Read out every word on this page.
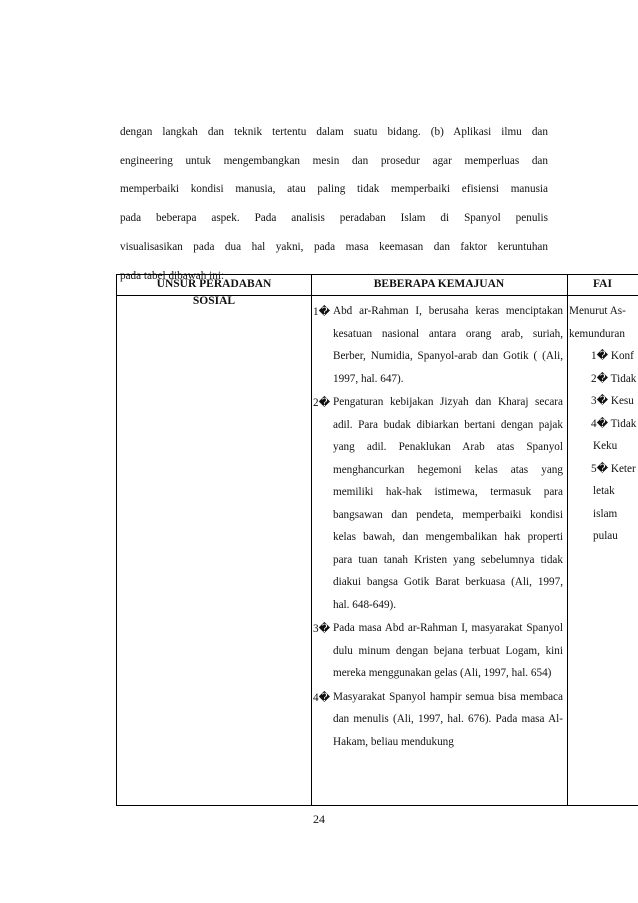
dengan langkah dan teknik tertentu dalam suatu bidang. (b) Aplikasi ilmu dan
engineering untuk mengembangkan mesin dan prosedur agar memperluas dan
memperbaiki kondisi manusia, atau paling tidak memperbaiki efisiensi manusia
pada beberapa aspek. Pada analisis peradaban Islam di Spanyol penulis
visualisasikan pada dua hal yakni, pada masa keemasan dan faktor keruntuhan
pada tabel dibawah ini:
UNSUR PERADABAN	BEBERAPA KEMAJUAN	FAI
SOSIAL
1� Abd ar-Rahman I, berusaha keras menciptakan kesatuan nasional antara orang arab, suriah, Berber, Numidia, Spanyol-arab dan Gotik ( (Ali, 1997, hal. 647).
2� Pengaturan kebijakan Jizyah dan Kharaj secara adil. Para budak dibiarkan bertani dengan pajak yang adil. Penaklukan Arab atas Spanyol menghancurkan hegemoni kelas atas yang memiliki hak-hak istimewa, termasuk para bangsawan dan pendeta, memperbaiki kondisi kelas bawah, dan mengembalikan hak properti para tuan tanah Kristen yang sebelumnya tidak diakui bangsa Gotik Barat berkuasa (Ali, 1997, hal. 648-649).
3� Pada masa Abd ar-Rahman I, masyarakat Spanyol dulu minum dengan bejana terbuat Logam, kini mereka menggunakan gelas (Ali, 1997, hal. 654)
4� Masyarakat Spanyol hampir semua bisa membaca dan menulis (Ali, 1997, hal. 676). Pada masa Al-Hakam, beliau mendukung
Menurut As-
kemunduran
1� Konf
2� Tidak
3� Kesu
4� Tidak
Keku
5� Keter
letak
islam
pulau
24
